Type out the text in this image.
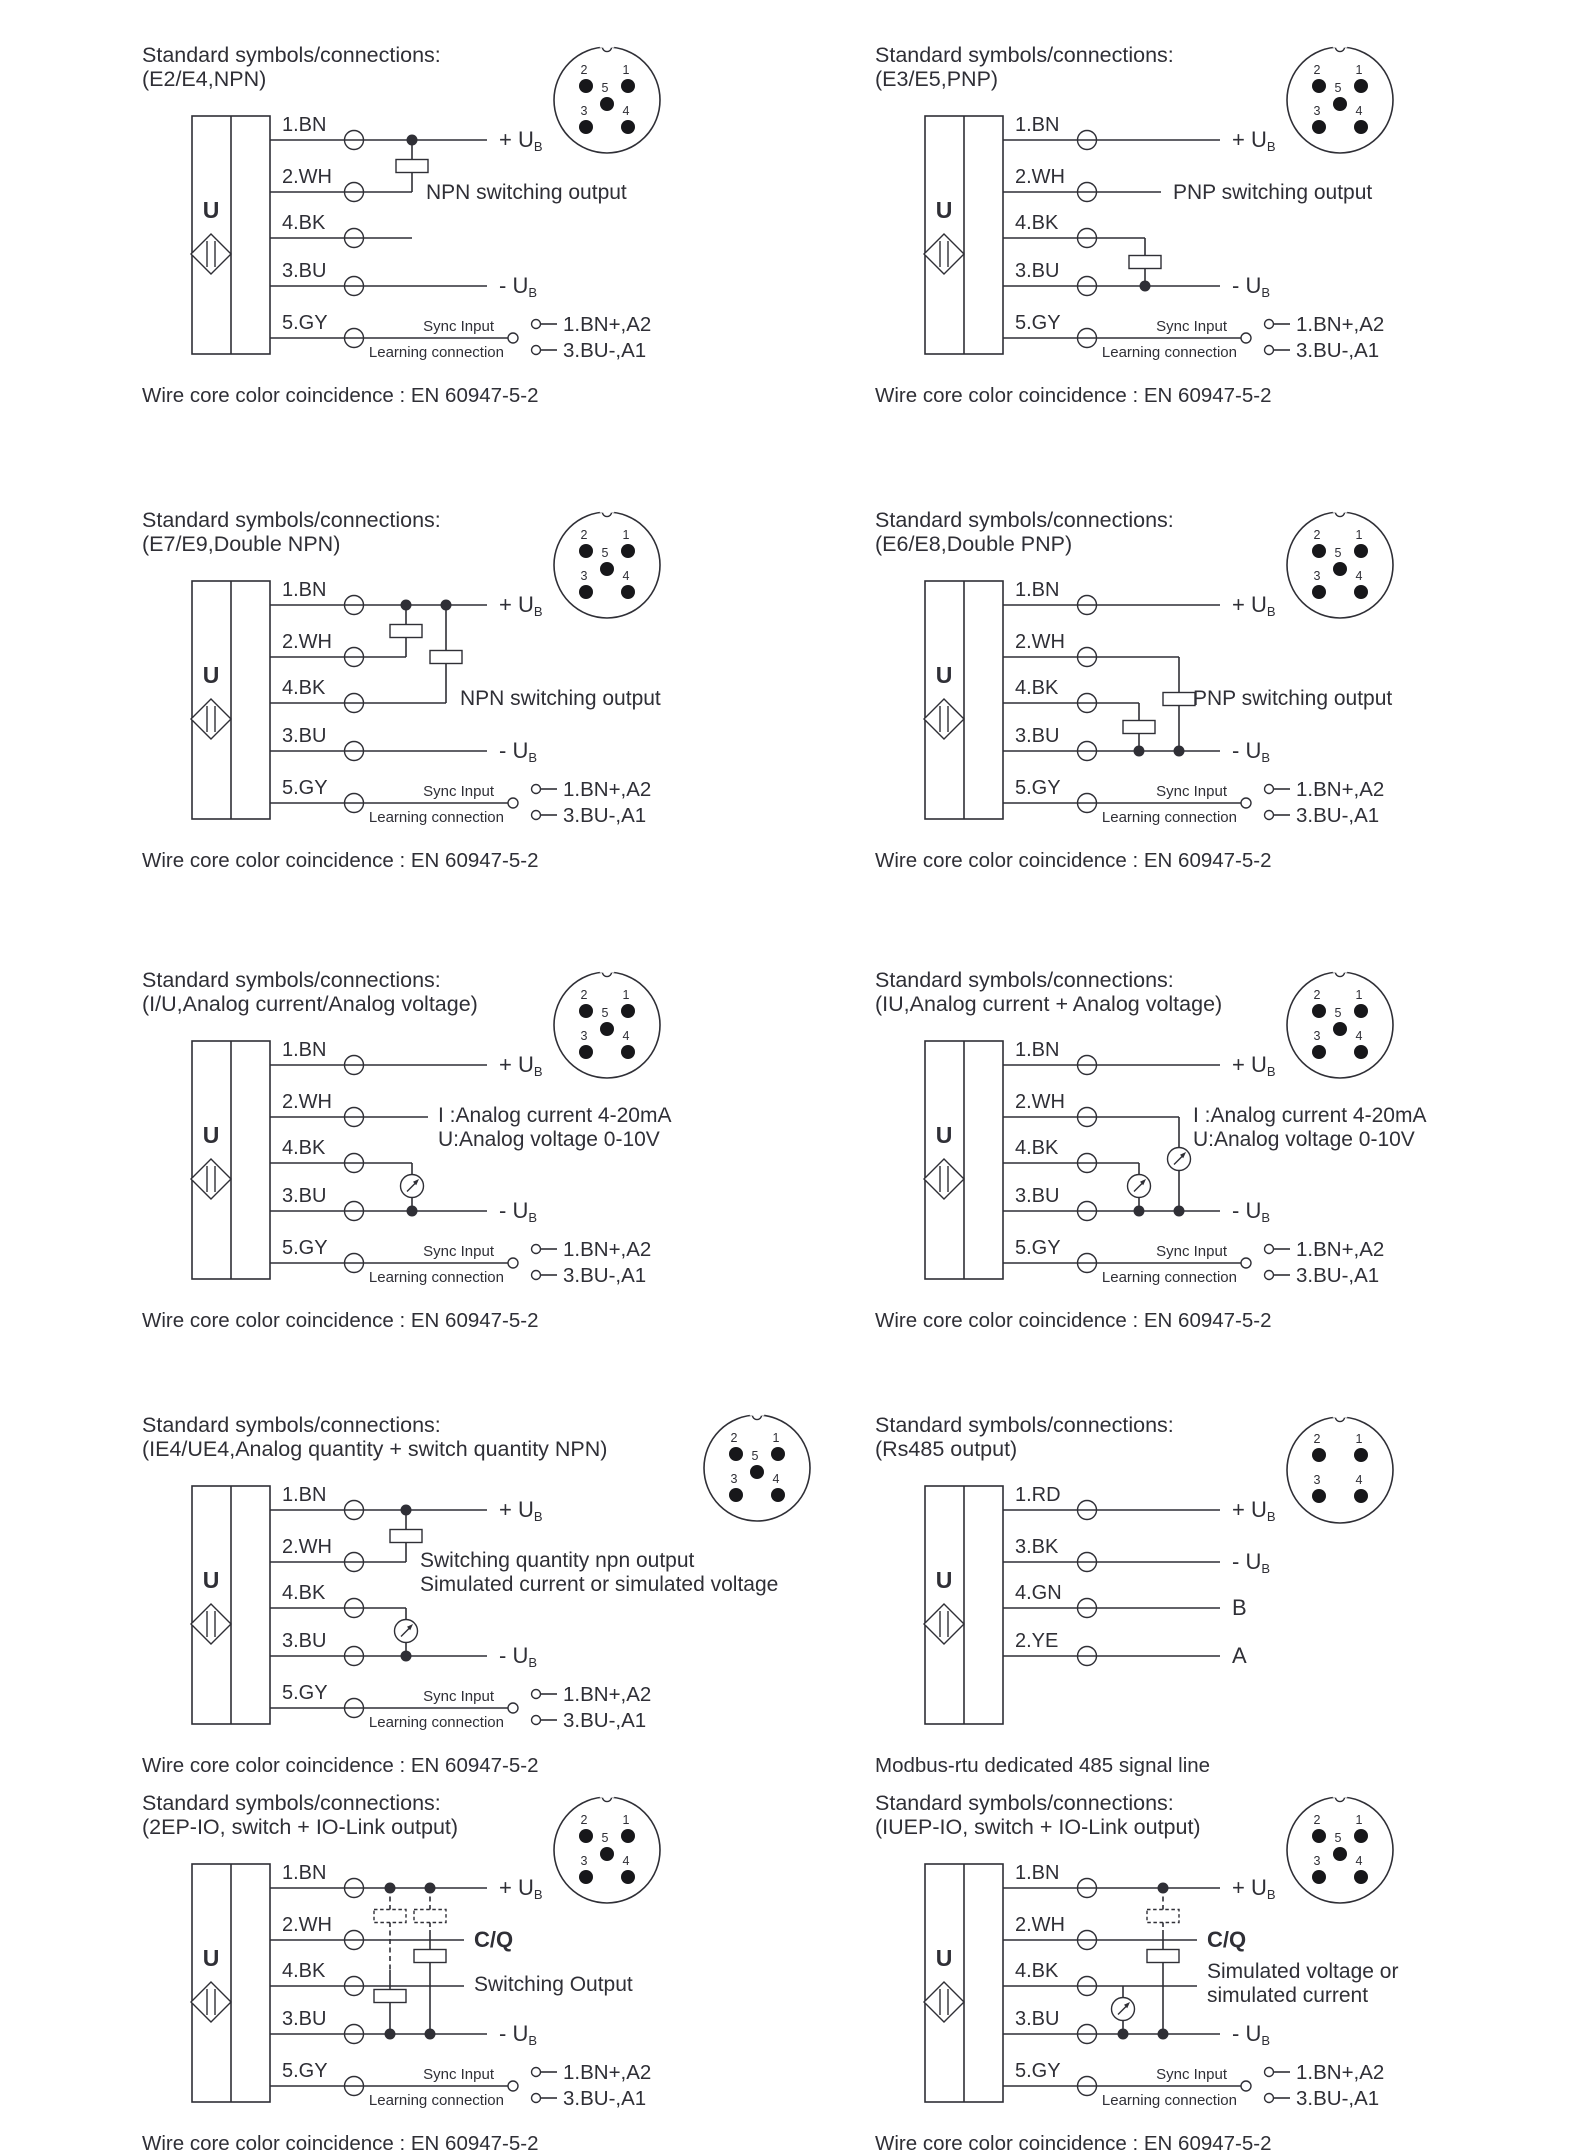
Standard symbols/connections:
(E2/E4,NPN)	2	1
5
3	4
U
1.BN
2.WH
4.BK
3.BU
NPN switching output
+ UB
- UB
5.GY	Sync Input
Learning connection
1.BN+,A2
3.BU-,A1
Wire core color coincidence : EN 60947-5-2
Standard symbols/connections:
(E3/E5,PNP)	2	1
5
3	4
U
1.BN
2.WH
4.BK
3.BU
PNP switching output
+ UB
- UB
5.GY	Sync Input
Learning connection
1.BN+,A2
3.BU-,A1
Wire core color coincidence : EN 60947-5-2
Standard symbols/connections:
(E7/E9,Double NPN)	2	1
5
3	4
U
1.BN
2.WH
4.BK
3.BU
NPN switching output
+ UB
- UB
5.GY	Sync Input
Learning connection
1.BN+,A2
3.BU-,A1
Wire core color coincidence : EN 60947-5-2
Standard symbols/connections:
(E6/E8,Double PNP)	2	1
5
3	4
U
1.BN
2.WH
4.BK
3.BU
PNP switching output
+ UB
- UB
5.GY	Sync Input
Learning connection
1.BN+,A2
3.BU-,A1
Wire core color coincidence : EN 60947-5-2
Standard symbols/connections:
(I/U,Analog current/Analog voltage)	2	1
5
3	4
U
1.BN
2.WH
4.BK
3.BU
I :Analog current 4-20mA
U:Analog voltage 0-10V
+ UB
- UB
5.GY	Sync Input
Learning connection
1.BN+,A2
3.BU-,A1
Wire core color coincidence : EN 60947-5-2
Standard symbols/connections:
(IU,Analog current + Analog voltage)	2	1
5
3	4
U
1.BN
2.WH
4.BK
3.BU
I :Analog current 4-20mA
U:Analog voltage 0-10V
+ UB
- UB
5.GY	Sync Input
Learning connection
1.BN+,A2
3.BU-,A1
Wire core color coincidence : EN 60947-5-2
Standard symbols/connections:
(IE4/UE4,Analog quantity + switch quantity NPN)	2	1
5
3	4
U
1.BN
2.WH
4.BK
3.BU
Switching quantity npn output
Simulated current or simulated voltage
+ UB
- UB
5.GY	Sync Input
Learning connection
1.BN+,A2
3.BU-,A1
Wire core color coincidence : EN 60947-5-2
Standard symbols/connections:
(Rs485 output)	2	1
3	4
U
1.RD
3.BK
4.GN
2.YE
+ UB
- UB
B
A
Modbus-rtu dedicated 485 signal line
Standard symbols/connections:
(2EP-IO, switch + IO-Link output)	2	1
5
3	4
U
1.BN
2.WH
4.BK
3.BU
C/Q
Switching Output
+ UB
- UB
5.GY	Sync Input
Learning connection
1.BN+,A2
3.BU-,A1
Wire core color coincidence : EN 60947-5-2
Standard symbols/connections:
(IUEP-IO, switch + IO-Link output)	2	1
5
3	4
U
1.BN
2.WH
4.BK
3.BU
C/Q
Simulated voltage or
simulated current
+ UB
- UB
5.GY	Sync Input
Learning connection
1.BN+,A2
3.BU-,A1
Wire core color coincidence : EN 60947-5-2
